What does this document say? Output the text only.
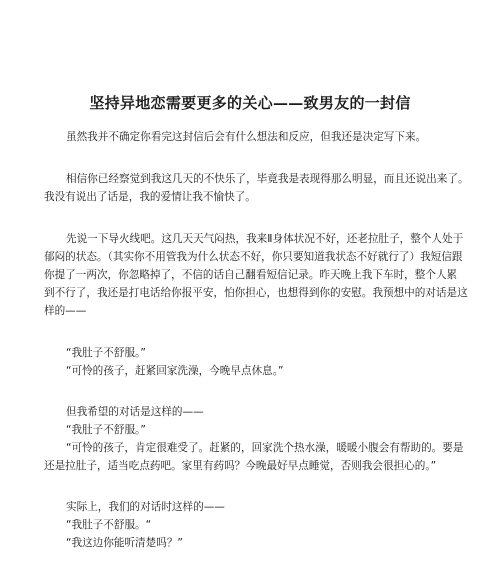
坚持异地恋需要更多的关心——致男友的一封信

虽然我并不确定你看完这封信后会有什么想法和反应，但我还是决定写下来。

相信你已经察觉到我这几天的不快乐了，毕竟我是表现得那么明显，而且还说出来了。

我没有说出了话是，我的爱情让我不愉快了。

先说一下导火线吧。这几天天气闷热，我来Ⅱ身体状况不好，还老拉肚子，整个人处于

郁闷的状态。（其实你不用管我为什么状态不好，你只要知道我状态不好就行了）我短信跟

你提了一两次，你忽略掉了，不信的话自己翻看短信记录。昨天晚上我下车时，整个人累

到不行了，我还是打电话给你报平安，怕你担心，也想得到你的安慰。我预想中的对话是这

样的——

“我肚子不舒服。”

“可怜的孩子，赶紧回家洗澡，今晚早点休息。”

但我希望的对话是这样的——

“我肚子不舒服。”

“可怜的孩子，肯定很难受了。赶紧的，回家洗个热水澡，暖暖小腹会有帮助的。要是

还是拉肚子，适当吃点药吧。家里有药吗？今晚最好早点睡觉，否则我会很担心的。”

实际上，我们的对话时这样的——

“我肚子不舒服。“

“我这边你能听清楚吗？”
